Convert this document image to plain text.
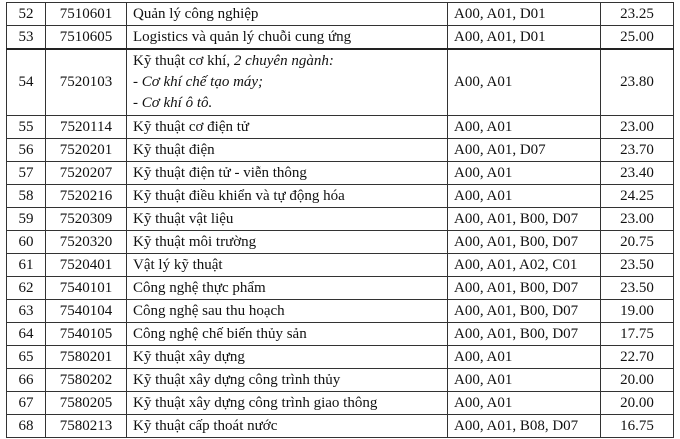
52	7510601	Quản lý công nghiệp	A00, A01, D01	23.25
53	7510605	Logistics và quản lý chuỗi cung ứng	A00, A01, D01	25.00
54	7520103	Kỹ thuật cơ khí, 2 chuyên ngành:
- Cơ khí chế tạo máy;
- Cơ khí ô tô.	A00, A01	23.80
55	7520114	Kỹ thuật cơ điện tử	A00, A01	23.00
56	7520201	Kỹ thuật điện	A00, A01, D07	23.70
57	7520207	Kỹ thuật điện tử - viễn thông	A00, A01	23.40
58	7520216	Kỹ thuật điều khiển và tự động hóa	A00, A01	24.25
59	7520309	Kỹ thuật vật liệu	A00, A01, B00, D07	23.00
60	7520320	Kỹ thuật môi trường	A00, A01, B00, D07	20.75
61	7520401	Vật lý kỹ thuật	A00, A01, A02, C01	23.50
62	7540101	Công nghệ thực phẩm	A00, A01, B00, D07	23.50
63	7540104	Công nghệ sau thu hoạch	A00, A01, B00, D07	19.00
64	7540105	Công nghệ chế biến thủy sản	A00, A01, B00, D07	17.75
65	7580201	Kỹ thuật xây dựng	A00, A01	22.70
66	7580202	Kỹ thuật xây dựng công trình thủy	A00, A01	20.00
67	7580205	Kỹ thuật xây dựng công trình giao thông	A00, A01	20.00
68	7580213	Kỹ thuật cấp thoát nước	A00, A01, B08, D07	16.75
